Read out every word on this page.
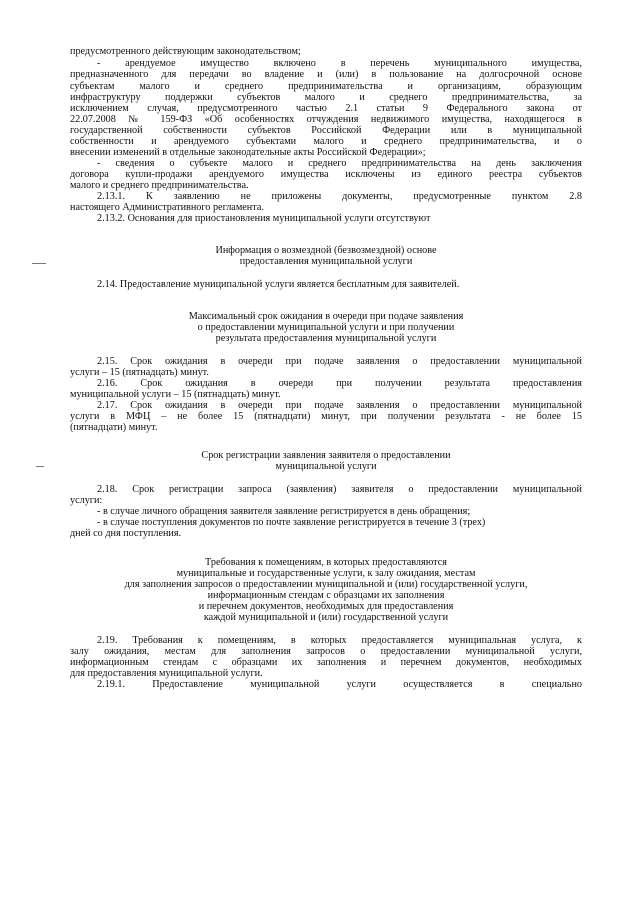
предусмотренного действующим законодательством;

- арендуемое имущество включено в перечень муниципального имущества,

предназначенного для передачи во владение и (или) в пользование на долгосрочной основе

субъектам малого и среднего предпринимательства и организациям, образующим

инфраструктуру поддержки субъектов малого и среднего предпринимательства, за

исключением случая, предусмотренного частью 2.1 статьи 9 Федерального закона от

22.07.2008 № 159-ФЗ «Об особенностях отчуждения недвижимого имущества, находящегося в

государственной собственности субъектов Российской Федерации или в муниципальной

собственности и арендуемого субъектами малого и среднего предпринимательства, и о

внесении изменений в отдельные законодательные акты Российской Федерации»;

- сведения о субъекте малого и среднего предпринимательства на день заключения

договора купли-продажи арендуемого имущества исключены из единого реестра субъектов

малого и среднего предпринимательства.

2.13.1. К заявлению не приложены документы, предусмотренные пунктом 2.8

настоящего Административного регламента.

2.13.2. Основания для приостановления муниципальной услуги отсутствуют

Информация о возмездной (безвозмездной) основе

предоставления муниципальной услуги

2.14. Предоставление муниципальной услуги является бесплатным для заявителей.

Максимальный срок ожидания в очереди при подаче заявления

о предоставлении муниципальной услуги и при получении

результата предоставления муниципальной услуги

2.15. Срок ожидания в очереди при подаче заявления о предоставлении муниципальной

услуги – 15 (пятнадцать) минут.

2.16. Срок ожидания в очереди при получении результата предоставления

муниципальной услуги – 15 (пятнадцать) минут.

2.17. Срок ожидания в очереди при подаче заявления о предоставлении муниципальной

услуги в МФЦ – не более 15 (пятнадцати) минут, при получении результата - не более 15

(пятнадцати) минут.

Срок регистрации заявления заявителя о предоставлении

муниципальной услуги

2.18. Срок регистрации запроса (заявления) заявителя о предоставлении муниципальной

услуги:

- в случае личного обращения заявителя заявление регистрируется в день обращения;

- в случае поступления документов по почте заявление регистрируется в течение 3 (трех)

дней со дня поступления.

Требования к помещениям, в которых предоставляются

муниципальные и государственные услуги, к залу ожидания, местам

для заполнения запросов о предоставлении муниципальной и (или) государственной услуги,

информационным стендам с образцами их заполнения

и перечнем документов, необходимых для предоставления

каждой муниципальной и (или) государственной услуги

2.19. Требования к помещениям, в которых предоставляется муниципальная услуга, к

залу ожидания, местам для заполнения запросов о предоставлении муниципальной услуги,

информационным стендам с образцами их заполнения и перечнем документов, необходимых

для предоставления муниципальной услуги.

2.19.1. Предоставление муниципальной услуги осуществляется в специально
